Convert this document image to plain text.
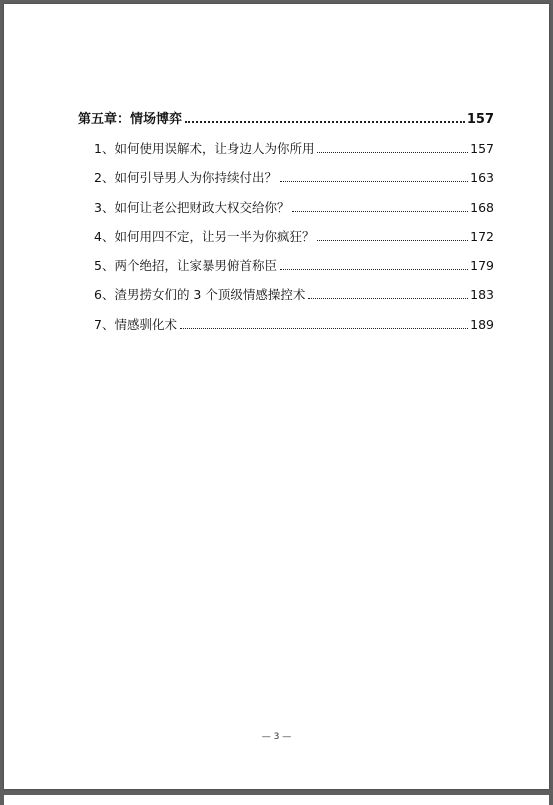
第五章：情场博弈	157
1、如何使用误解术，让身边人为你所用	157
2、如何引导男人为你持续付出？	163
3、如何让老公把财政大权交给你？	168
4、如何用四不定，让另一半为你疯狂？	172
5、两个绝招，让家暴男俯首称臣	179
6、渣男捞女们的 3 个顶级情感操控术	183
7、情感驯化术	189
— 3 —
